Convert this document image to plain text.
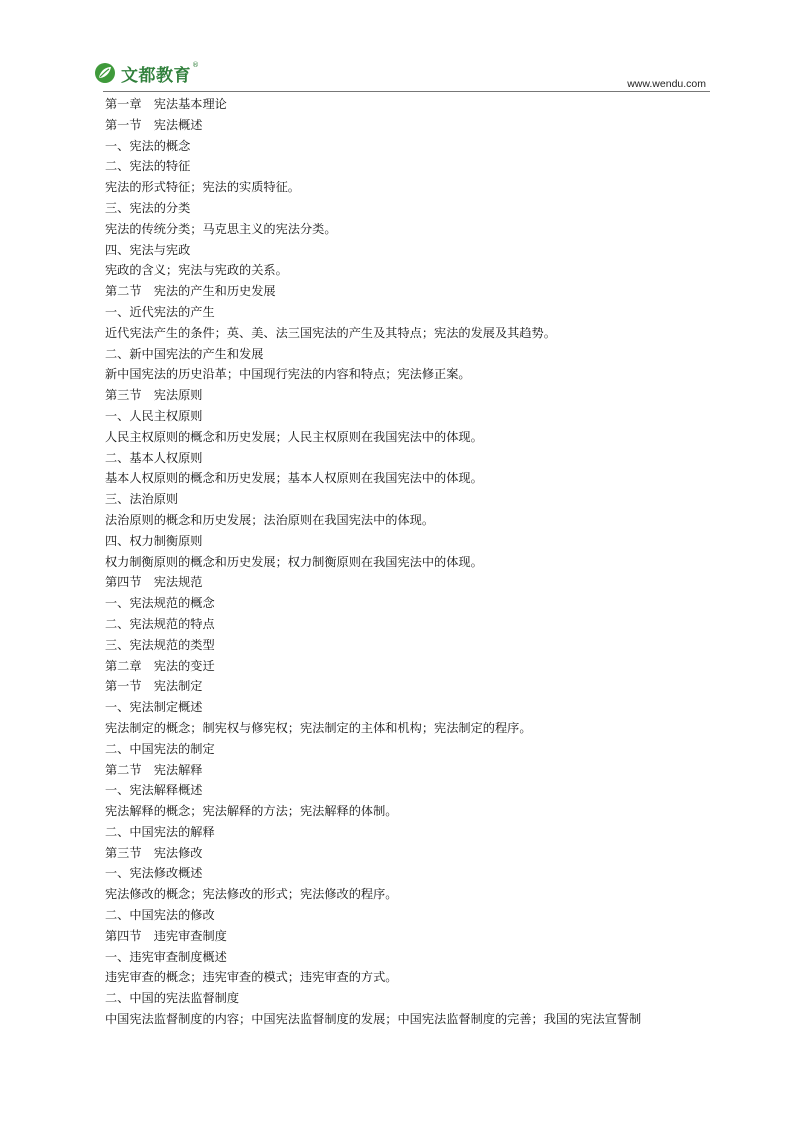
文都教育
®
www.wendu.com
第一章　宪法基本理论
第一节　宪法概述
一、宪法的概念
二、宪法的特征
宪法的形式特征；宪法的实质特征。
三、宪法的分类
宪法的传统分类；马克思主义的宪法分类。
四、宪法与宪政
宪政的含义；宪法与宪政的关系。
第二节　宪法的产生和历史发展
一、近代宪法的产生
近代宪法产生的条件；英、美、法三国宪法的产生及其特点；宪法的发展及其趋势。
二、新中国宪法的产生和发展
新中国宪法的历史沿革；中国现行宪法的内容和特点；宪法修正案。
第三节　宪法原则
一、人民主权原则
人民主权原则的概念和历史发展；人民主权原则在我国宪法中的体现。
二、基本人权原则
基本人权原则的概念和历史发展；基本人权原则在我国宪法中的体现。
三、法治原则
法治原则的概念和历史发展；法治原则在我国宪法中的体现。
四、权力制衡原则
权力制衡原则的概念和历史发展；权力制衡原则在我国宪法中的体现。
第四节　宪法规范
一、宪法规范的概念
二、宪法规范的特点
三、宪法规范的类型
第二章　宪法的变迁
第一节　宪法制定
一、宪法制定概述
宪法制定的概念；制宪权与修宪权；宪法制定的主体和机构；宪法制定的程序。
二、中国宪法的制定
第二节　宪法解释
一、宪法解释概述
宪法解释的概念；宪法解释的方法；宪法解释的体制。
二、中国宪法的解释
第三节　宪法修改
一、宪法修改概述
宪法修改的概念；宪法修改的形式；宪法修改的程序。
二、中国宪法的修改
第四节　违宪审查制度
一、违宪审查制度概述
违宪审查的概念；违宪审查的模式；违宪审查的方式。
二、中国的宪法监督制度
中国宪法监督制度的内容；中国宪法监督制度的发展；中国宪法监督制度的完善；我国的宪法宣誓制
